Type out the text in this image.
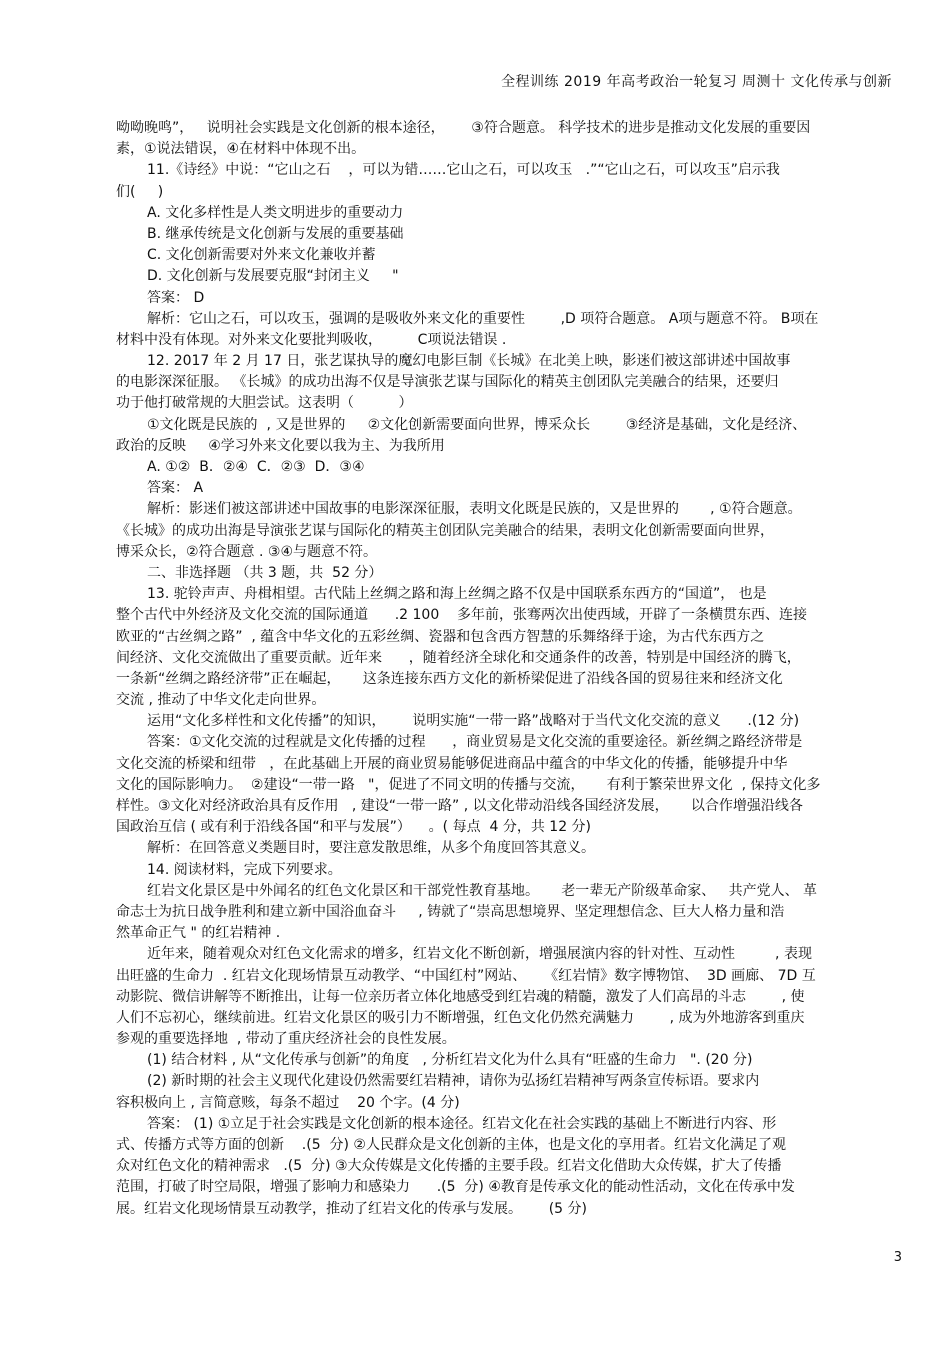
全程训练 2019 年高考政治一轮复习 周测十 文化传承与创新
呦呦晚鸣”，   说明社会实践是文化创新的根本途径，      ③符合题意。 科学技术的进步是推动文化发展的重要因
素，①说法错误，④在材料中体现不出。
11.《诗经》中说：“它山之石    ，可以为错……它山之石，可以攻玉   .”“它山之石，可以攻玉”启示我
们(     )
A. 文化多样性是人类文明进步的重要动力
B. 继承传统是文化创新与发展的重要基础
C. 文化创新需要对外来文化兼收并蓄
D. 文化创新与发展要克服“封闭主义     "
答案： D
解析：它山之石，可以攻玉，强调的是吸收外来文化的重要性        ,D 项符合题意。 A项与题意不符。 B项在
材料中没有体现。对外来文化要批判吸收，        C项说法错误 .
12. 2017 年 2 月 17 日，张艺谋执导的魔幻电影巨制《长城》在北美上映，影迷们被这部讲述中国故事
的电影深深征服。 《长城》的成功出海不仅是导演张艺谋与国际化的精英主创团队完美融合的结果，还要归
功于他打破常规的大胆尝试。这表明（          ）
①文化既是民族的  , 又是世界的     ②文化创新需要面向世界，博采众长        ③经济是基础，文化是经济、
政治的反映     ④学习外来文化要以我为主、为我所用
A. ①②  B．②④  C．②③  D．③④
答案： A
解析：影迷们被这部讲述中国故事的电影深深征服，表明文化既是民族的，又是世界的       , ①符合题意。
《长城》的成功出海是导演张艺谋与国际化的精英主创团队完美融合的结果，表明文化创新需要面向世界，
博采众长，②符合题意 . ③④与题意不符。
二、非选择题 （共 3 题，共  52 分）
13. 驼铃声声、舟楫相望。古代陆上丝绸之路和海上丝绸之路不仅是中国联系东西方的“国道”， 也是
整个古代中外经济及文化交流的国际通道      .2 100    多年前，张骞两次出使西域，开辟了一条横贯东西、连接
欧亚的“古丝绸之路”  , 蕴含中华文化的五彩丝绸、瓷器和包含西方智慧的乐舞络绎于途，为古代东西方之
间经济、文化交流做出了重要贡献。近年来      ，随着经济全球化和交通条件的改善，特别是中国经济的腾飞，
一条新“丝绸之路经济带”正在崛起，     这条连接东西方文化的新桥梁促进了沿线各国的贸易往来和经济文化
交流 , 推动了中华文化走向世界。
运用“文化多样性和文化传播”的知识，      说明实施“一带一路”战略对于当代文化交流的意义      .(12 分)
答案：①文化交流的过程就是文化传播的过程      ，商业贸易是文化交流的重要途径。新丝绸之路经济带是
文化交流的桥梁和纽带   ，在此基础上开展的商业贸易能够促进商品中蕴含的中华文化的传播，能够提升中华
文化的国际影响力。  ②建设“一带一路   "，促进了不同文明的传播与交流，     有利于繁荣世界文化  , 保持文化多
样性。③文化对经济政治具有反作用   , 建设“一带一路” , 以文化带动沿线各国经济发展，     以合作增强沿线各
国政治互信 ( 或有利于沿线各国“和平与发展”）    。( 每点  4 分，共 12 分)
解析：在回答意义类题目时，要注意发散思维，从多个角度回答其意义。
14. 阅读材料，完成下列要求。
红岩文化景区是中外闻名的红色文化景区和干部党性教育基地。     老一辈无产阶级革命家、   共产党人、 革
命志士为抗日战争胜利和建立新中国浴血奋斗     , 铸就了“崇高思想境界、坚定理想信念、巨大人格力量和浩
然革命正气 " 的红岩精神 .
近年来，随着观众对红色文化需求的增多，红岩文化不断创新，增强展演内容的针对性、互动性         , 表现
出旺盛的生命力  . 红岩文化现场情景互动教学、“中国红村”网站、    《红岩情》数字博物馆、  3D 画廊、 7D 互
动影院、微信讲解等不断推出，让每一位亲历者立体化地感受到红岩魂的精髓，激发了人们高昂的斗志        , 使
人们不忘初心，继续前进。红岩文化景区的吸引力不断增强，红色文化仍然充满魅力        , 成为外地游客到重庆
参观的重要选择地  , 带动了重庆经济社会的良性发展。
(1) 结合材料 , 从“文化传承与创新”的角度   , 分析红岩文化为什么具有“旺盛的生命力   ". (20 分)
(2) 新时期的社会主义现代化建设仍然需要红岩精神，请你为弘扬红岩精神写两条宣传标语。要求内
容积极向上 , 言简意赅，每条不超过    20 个字。(4 分)
答案： (1) ①立足于社会实践是文化创新的根本途径。红岩文化在社会实践的基础上不断进行内容、形
式、传播方式等方面的创新    .(5  分) ②人民群众是文化创新的主体，也是文化的享用者。红岩文化满足了观
众对红色文化的精神需求   .(5  分) ③大众传媒是文化传播的主要手段。红岩文化借助大众传媒，扩大了传播
范围，打破了时空局限，增强了影响力和感染力      .(5  分) ④教育是传承文化的能动性活动，文化在传承中发
展。红岩文化现场情景互动教学，推动了红岩文化的传承与发展。      (5 分)
3
